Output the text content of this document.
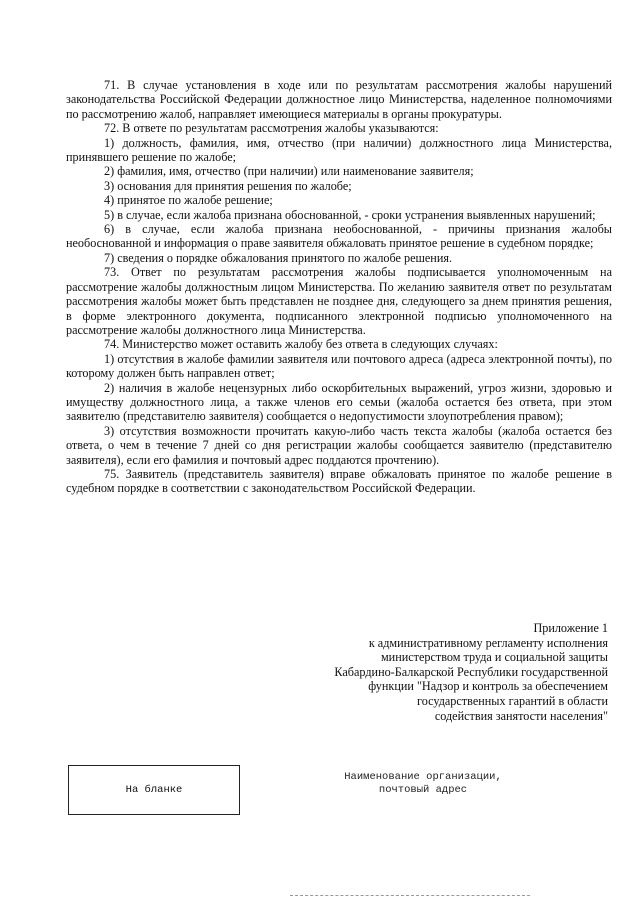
71. В случае установления в ходе или по результатам рассмотрения жалобы нарушений законодательства Российской Федерации должностное лицо Министерства, наделенное полномочиями по рассмотрению жалоб, направляет имеющиеся материалы в органы прокуратуры.

72. В ответе по результатам рассмотрения жалобы указываются:

1) должность, фамилия, имя, отчество (при наличии) должностного лица Министерства, принявшего решение по жалобе;

2) фамилия, имя, отчество (при наличии) или наименование заявителя;

3) основания для принятия решения по жалобе;

4) принятое по жалобе решение;

5) в случае, если жалоба признана обоснованной, - сроки устранения выявленных нарушений;

6) в случае, если жалоба признана необоснованной, - причины признания жалобы необоснованной и информация о праве заявителя обжаловать принятое решение в судебном порядке;

7) сведения о порядке обжалования принятого по жалобе решения.

73. Ответ по результатам рассмотрения жалобы подписывается уполномоченным на рассмотрение жалобы должностным лицом Министерства. По желанию заявителя ответ по результатам рассмотрения жалобы может быть представлен не позднее дня, следующего за днем принятия решения, в форме электронного документа, подписанного электронной подписью уполномоченного на рассмотрение жалобы должностного лица Министерства.

74. Министерство может оставить жалобу без ответа в следующих случаях:

1) отсутствия в жалобе фамилии заявителя или почтового адреса (адреса электронной почты), по которому должен быть направлен ответ;

2) наличия в жалобе нецензурных либо оскорбительных выражений, угроз жизни, здоровью и имуществу должностного лица, а также членов его семьи (жалоба остается без ответа, при этом заявителю (представителю заявителя) сообщается о недопустимости злоупотребления правом);

3) отсутствия возможности прочитать какую-либо часть текста жалобы (жалоба остается без ответа, о чем в течение 7 дней со дня регистрации жалобы сообщается заявителю (представителю заявителя), если его фамилия и почтовый адрес поддаются прочтению).

75. Заявитель (представитель заявителя) вправе обжаловать принятое по жалобе решение в судебном порядке в соответствии с законодательством Российской Федерации.

Приложение 1
к административному регламенту исполнения
министерством труда и социальной защиты
Кабардино-Балкарской Республики государственной
функции "Надзор и контроль за обеспечением
государственных гарантий в области
содействия занятости населения"
На бланке
Наименование организации,
почтовый адрес
